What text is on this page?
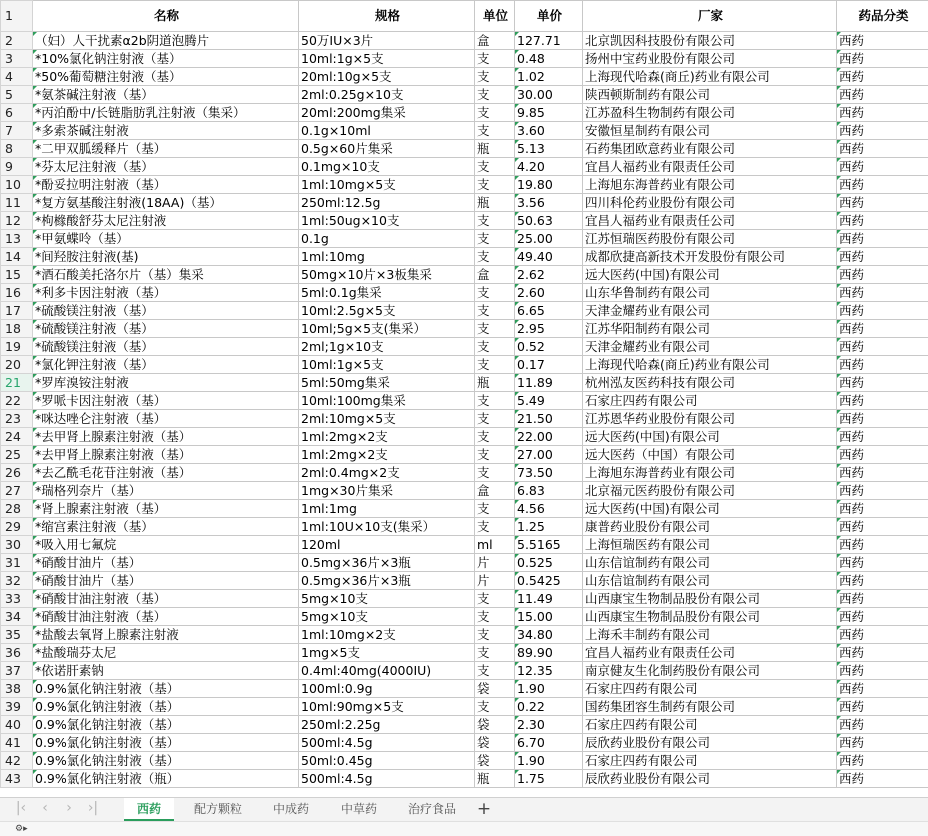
1	名称	规格	单位	单价	厂家	药品分类
2	（妇）人干扰素α2b阴道泡腾片	50万IU×3片	盒	127.71	北京凯因科技股份有限公司	西药
3	*10%氯化钠注射液（基）	10ml:1g×5支	支	0.48	扬州中宝药业股份有限公司	西药
4	*50%葡萄糖注射液（基）	20ml:10g×5支	支	1.02	上海现代哈森(商丘)药业有限公司	西药
5	*氨茶碱注射液（基）	2ml:0.25g×10支	支	30.00	陕西顿斯制药有限公司	西药
6	*丙泊酚中/长链脂肪乳注射液（集采）	20ml:200mg集采	支	9.85	江苏盈科生物制药有限公司	西药
7	*多索茶碱注射液	0.1g×10ml	支	3.60	安徽恒星制药有限公司	西药
8	*二甲双胍缓释片（基）	0.5g×60片集采	瓶	5.13	石药集团欧意药业有限公司	西药
9	*芬太尼注射液（基）	0.1mg×10支	支	4.20	宜昌人福药业有限责任公司	西药
10	*酚妥拉明注射液（基）	1ml:10mg×5支	支	19.80	上海旭东海普药业有限公司	西药
11	*复方氨基酸注射液(18AA)（基）	250ml:12.5g	瓶	3.56	四川科伦药业股份有限公司	西药
12	*枸橼酸舒芬太尼注射液	1ml:50ug×10支	支	50.63	宜昌人福药业有限责任公司	西药
13	*甲氨蝶呤（基）	0.1g	支	25.00	江苏恒瑞医药股份有限公司	西药
14	*间羟胺注射液(基)	1ml:10mg	支	49.40	成都欣捷高新技术开发股份有限公司	西药
15	*酒石酸美托洛尔片（基）集采	50mg×10片×3板集采	盒	2.62	远大医药(中国)有限公司	西药
16	*利多卡因注射液（基）	5ml:0.1g集采	支	2.60	山东华鲁制药有限公司	西药
17	*硫酸镁注射液（基）	10ml:2.5g×5支	支	6.65	天津金耀药业有限公司	西药
18	*硫酸镁注射液（基）	10ml;5g×5支(集采）	支	2.95	江苏华阳制药有限公司	西药
19	*硫酸镁注射液（基）	2ml;1g×10支	支	0.52	天津金耀药业有限公司	西药
20	*氯化钾注射液（基）	10ml:1g×5支	支	0.17	上海现代哈森(商丘)药业有限公司	西药
21	*罗库溴铵注射液	5ml:50mg集采	瓶	11.89	杭州泓友医药科技有限公司	西药
22	*罗哌卡因注射液（基）	10ml:100mg集采	支	5.49	石家庄四药有限公司	西药
23	*咪达唑仑注射液（基）	2ml:10mg×5支	支	21.50	江苏恩华药业股份有限公司	西药
24	*去甲肾上腺素注射液（基）	1ml:2mg×2支	支	22.00	远大医药(中国)有限公司	西药
25	*去甲肾上腺素注射液（基）	1ml:2mg×2支	支	27.00	远大医药（中国）有限公司	西药
26	*去乙酰毛花苷注射液（基）	2ml:0.4mg×2支	支	73.50	上海旭东海普药业有限公司	西药
27	*瑞格列奈片（基）	1mg×30片集采	盒	6.83	北京福元医药股份有限公司	西药
28	*肾上腺素注射液（基）	1ml:1mg	支	4.56	远大医药(中国)有限公司	西药
29	*缩宫素注射液（基）	1ml:10U×10支(集采）	支	1.25	康普药业股份有限公司	西药
30	*吸入用七氟烷	120ml	ml	5.5165	上海恒瑞医药有限公司	西药
31	*硝酸甘油片（基）	0.5mg×36片×3瓶	片	0.525	山东信谊制药有限公司	西药
32	*硝酸甘油片（基）	0.5mg×36片×3瓶	片	0.5425	山东信谊制药有限公司	西药
33	*硝酸甘油注射液（基）	5mg×10支	支	11.49	山西康宝生物制品股份有限公司	西药
34	*硝酸甘油注射液（基）	5mg×10支	支	15.00	山西康宝生物制品股份有限公司	西药
35	*盐酸去氧肾上腺素注射液	1ml:10mg×2支	支	34.80	上海禾丰制药有限公司	西药
36	*盐酸瑞芬太尼	1mg×5支	支	89.90	宜昌人福药业有限责任公司	西药
37	*依诺肝素钠	0.4ml:40mg(4000IU)	支	12.35	南京健友生化制药股份有限公司	西药
38	0.9%氯化钠注射液（基）	100ml:0.9g	袋	1.90	石家庄四药有限公司	西药
39	0.9%氯化钠注射液（基）	10ml:90mg×5支	支	0.22	国药集团容生制药有限公司	西药
40	0.9%氯化钠注射液（基）	250ml:2.25g	袋	2.30	石家庄四药有限公司	西药
41	0.9%氯化钠注射液（基）	500ml:4.5g	袋	6.70	辰欣药业股份有限公司	西药
42	0.9%氯化钠注射液（基）	50ml:0.45g	袋	1.90	石家庄四药有限公司	西药
43	0.9%氯化钠注射液（瓶）	500ml:4.5g	瓶	1.75	辰欣药业股份有限公司	西药
|‹ ‹	›	›|	西药	配方颗粒	中成药	中草药	治疗食品	+
⚙▸
